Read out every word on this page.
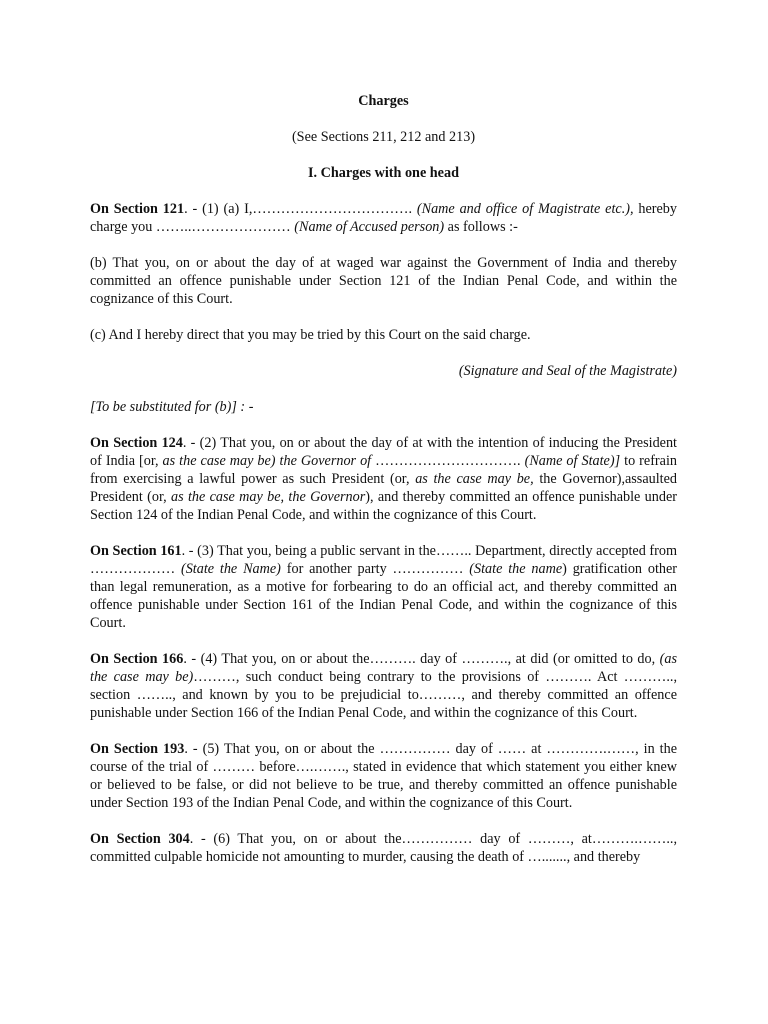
Charges

(See Sections 211, 212 and 213)

I. Charges with one head

On Section 121. - (1) (a) I,……………………………. (Name and office of Magistrate etc.), hereby charge you ……..………………… (Name of Accused person) as follows :-

(b) That you, on or about the day of at waged war against the Government of India and thereby committed an offence punishable under Section 121 of the Indian Penal Code, and within the cognizance of this Court.

(c) And I hereby direct that you may be tried by this Court on the said charge.

(Signature and Seal of the Magistrate)

[To be substituted for (b)] : -

On Section 124. - (2) That you, on or about the day of at with the intention of inducing the President of India [or, as the case may be) the Governor of …………………………. (Name of State)] to refrain from exercising a lawful power as such President (or, as the case may be, the Governor),assaulted President (or, as the case may be, the Governor), and thereby committed an offence punishable under Section 124 of the Indian Penal Code, and within the cognizance of this Court.

On Section 161. - (3) That you, being a public servant in the…….. Department, directly accepted from ……………… (State the Name) for another party …………… (State the name) gratification other than legal remuneration, as a motive for forbearing to do an official act, and thereby committed an offence punishable under Section 161 of the Indian Penal Code, and within the cognizance of this Court.

On Section 166. - (4) That you, on or about the………. day of ………., at did (or omitted to do, (as the case may be)………, such conduct being contrary to the provisions of ………. Act ……….., section …….., and known by you to be prejudicial to………, and thereby committed an offence punishable under Section 166 of the Indian Penal Code, and within the cognizance of this Court.

On Section 193. - (5) That you, on or about the …………… day of …… at ………….……, in the course of the trial of ……… before….……., stated in evidence that which statement you either knew or believed to be false, or did not believe to be true, and thereby committed an offence punishable under Section 193 of the Indian Penal Code, and within the cognizance of this Court.

On Section 304. - (6) That you, on or about the…………… day of ………, at……….…….., committed culpable homicide not amounting to murder, causing the death of …......., and thereby
